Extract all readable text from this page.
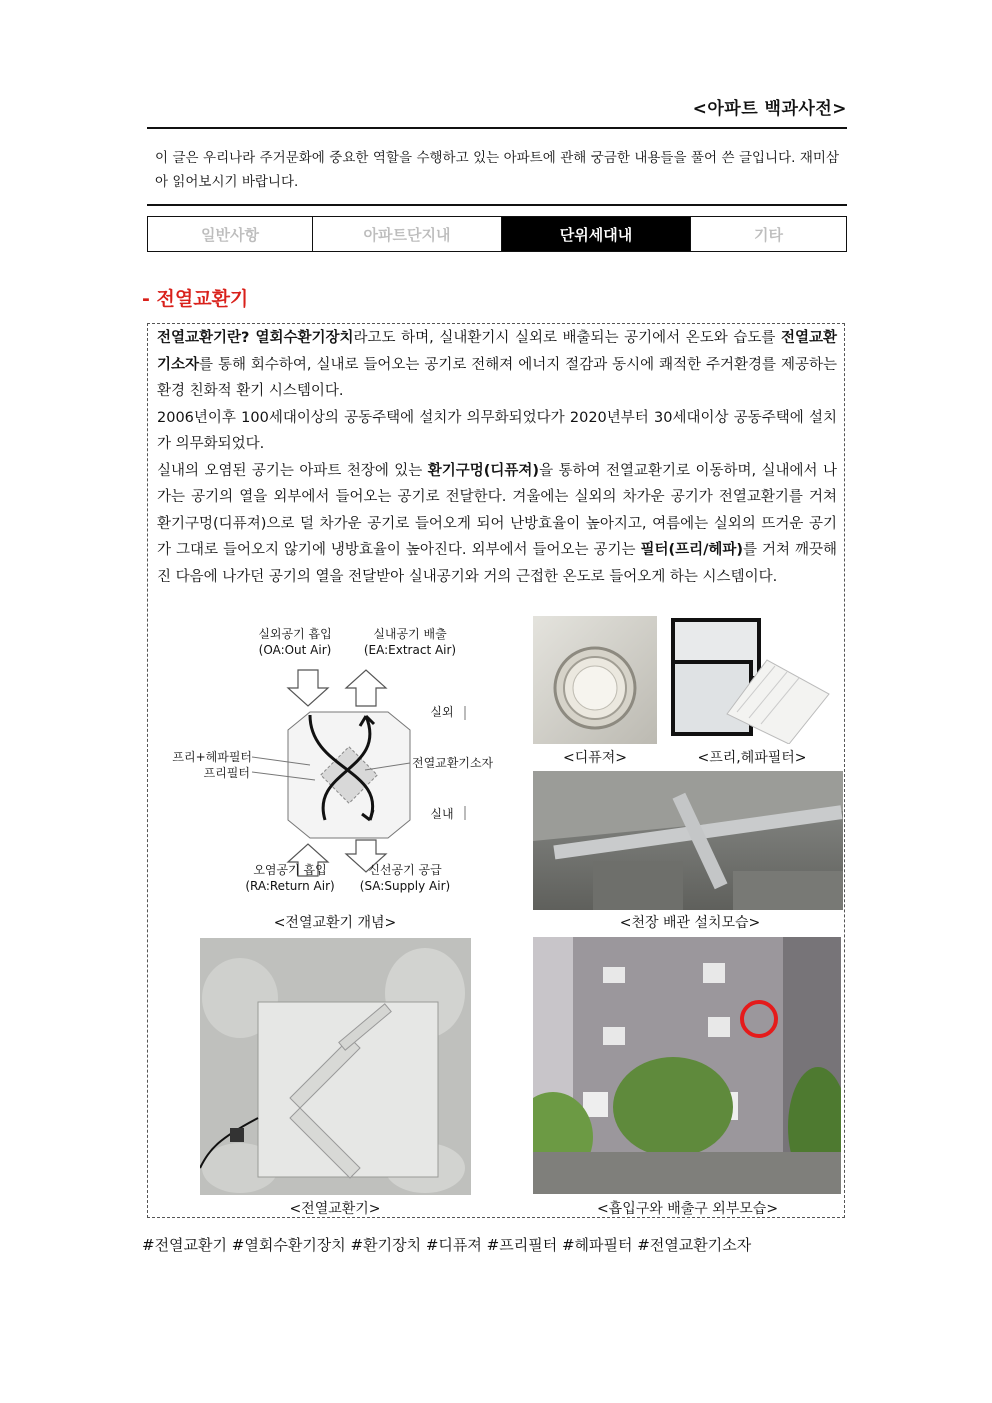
<아파트 백과사전>
이 글은 우리나라 주거문화에 중요한 역할을 수행하고 있는 아파트에 관해 궁금한 내용들을 풀어 쓴 글입니다. 재미삼아 읽어보시기 바랍니다.
일반사항	아파트단지내	단위세대내	기타
- 전열교환기

전열교환기란? 열회수환기장치라고도 하며, 실내환기시 실외로 배출되는 공기에서 온도와 습도를 전열교환기소자를 통해 회수하여, 실내로 들어오는 공기로 전해져 에너지 절감과 동시에 쾌적한 주거환경를 제공하는 환경 친화적 환기 시스템이다.

2006년이후 100세대이상의 공동주택에 설치가 의무화되었다가 2020년부터 30세대이상 공동주택에 설치가 의무화되었다.

실내의 오염된 공기는 아파트 천장에 있는 환기구멍(디퓨져)을 통하여 전열교환기로 이동하며, 실내에서 나가는 공기의 열을 외부에서 들어오는 공기로 전달한다. 겨울에는 실외의 차가운 공기가 전열교환기를 거쳐 환기구멍(디퓨져)으로 덜 차가운 공기로 들어오게 되어 난방효율이 높아지고, 여름에는 실외의 뜨거운 공기가 그대로 들어오지 않기에 냉방효율이 높아진다. 외부에서 들어오는 공기는 필터(프리/헤파)를 거쳐 깨끗해진 다음에 나가던 공기의 열을 전달받아 실내공기와 거의 근접한 온도로 들어오게 하는 시스템이다.

실외공기 흡입
(OA:Out Air)
실내공기 배출
(EA:Extract Air)
실외
실내
프리+헤파필터
프리필터
전열교환기소자
오염공기 흡입
(RA:Return Air)
신선공기 공급
(SA:Supply Air)
<전열교환기 개념>
<디퓨져>	<프리,헤파필터>
<천장 배관 설치모습>
<전열교환기>	<흡입구와 배출구 외부모습>
#전열교환기 #열회수환기장치 #환기장치 #디퓨져 #프리필터 #헤파필터 #전열교환기소자
